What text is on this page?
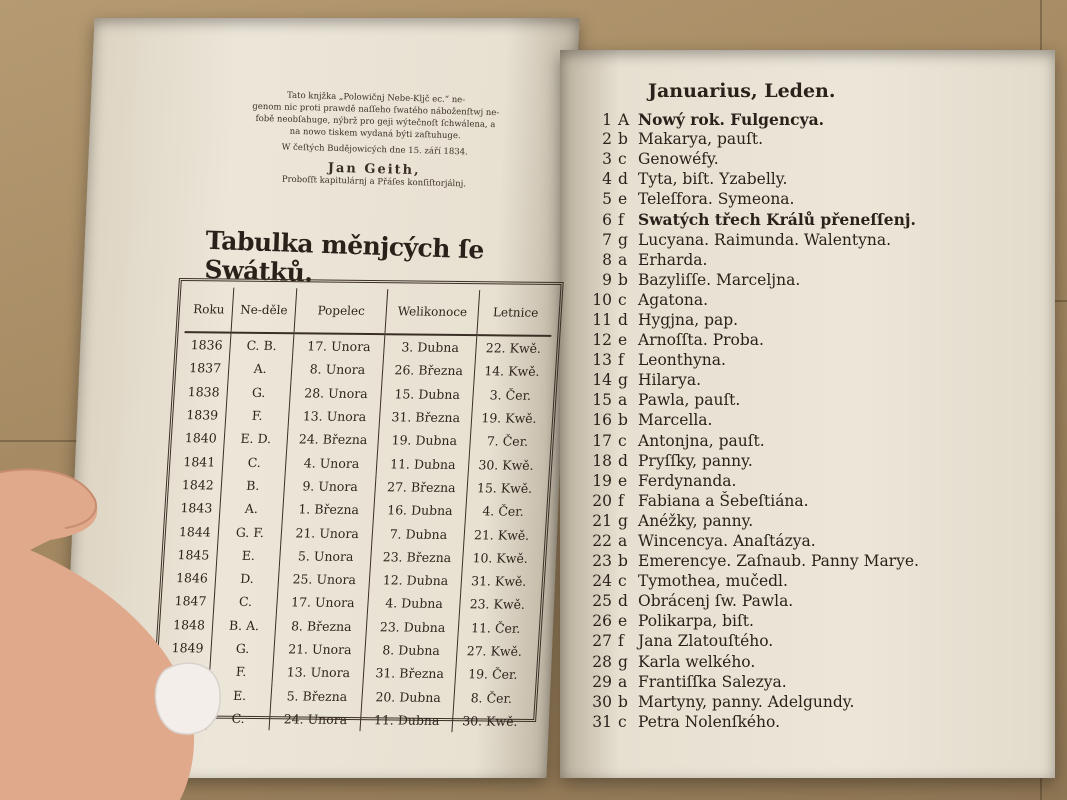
Tato knjžka „Polowičnj Nebe-Kljč ec.“ ne-

genom nic proti prawdě naſſeho ſwatého náboženſtwj ne-

fobě neobſahuge, nýbrž pro geji wýtečnoſt ſchwálena, a

na nowo tiskem wydaná býti zaſtuhuge.

W čeſtých Budějowicých dne 15. září 1834.

Jan Geith,

Proboſſt kapitulárnj a Přáſes konſiſtorjálnj.

Tabulka měnjcých ſe Swátků.
Roku	Ne-děle	Popelec	Welikonoce	Letnice
1836	C. B.	17. Unora	3. Dubna	22. Kwě.
1837	A.	8. Unora	26. Března	14. Kwě.
1838	G.	28. Unora	15. Dubna	3. Čer.
1839	F.	13. Unora	31. Března	19. Kwě.
1840	E. D.	24. Března	19. Dubna	7. Čer.
1841	C.	4. Unora	11. Dubna	30. Kwě.
1842	B.	9. Unora	27. Března	15. Kwě.
1843	A.	1. Března	16. Dubna	4. Čer.
1844	G. F.	21. Unora	7. Dubna	21. Kwě.
1845	E.	5. Unora	23. Března	10. Kwě.
1846	D.	25. Unora	12. Dubna	31. Kwě.
1847	C.	17. Unora	4. Dubna	23. Kwě.
1848	B. A.	8. Března	23. Dubna	11. Čer.
1849	G.	21. Unora	8. Dubna	27. Kwě.
	F.	13. Unora	31. Března	19. Čer.
	E.	5. Března	20. Dubna	8. Čer.
	C.	24. Unora	11. Dubna	30. Kwě.
Januarius, Leden.
1 A Nowý rok. Fulgencya.
2 b Makarya, pauſt.
3 c Genowéfy.
4 d Tyta, biſt. Yzabelly.
5 e Teleſfora. Symeona.
6 f Swatých třech Králů přeneſſenj.
7 g Lucyana. Raimunda. Walentyna.
8 a Erharda.
9 b Bazyliſſe. Marceljna.
10 c Agatona.
11 d Hygjna, pap.
12 e Arnoſſta. Proba.
13 f Leonthyna.
14 g Hilarya.
15 a Pawla, pauſt.
16 b Marcella.
17 c Antonjna, pauſt.
18 d Pryſſky, panny.
19 e Ferdynanda.
20 f Fabiana a Šebeſtiána.
21 g Anéžky, panny.
22 a Wincencya. Anaſtázya.
23 b Emerencye. Zaſnaub. Panny Marye.
24 c Tymothea, mučedl.
25 d Obrácenj ſw. Pawla.
26 e Polikarpa, biſt.
27 f Jana Zlatouſtého.
28 g Karla welkého.
29 a Frantiſſka Salezya.
30 b Martyny, panny. Adelgundy.
31 c Petra Nolenſkého.
